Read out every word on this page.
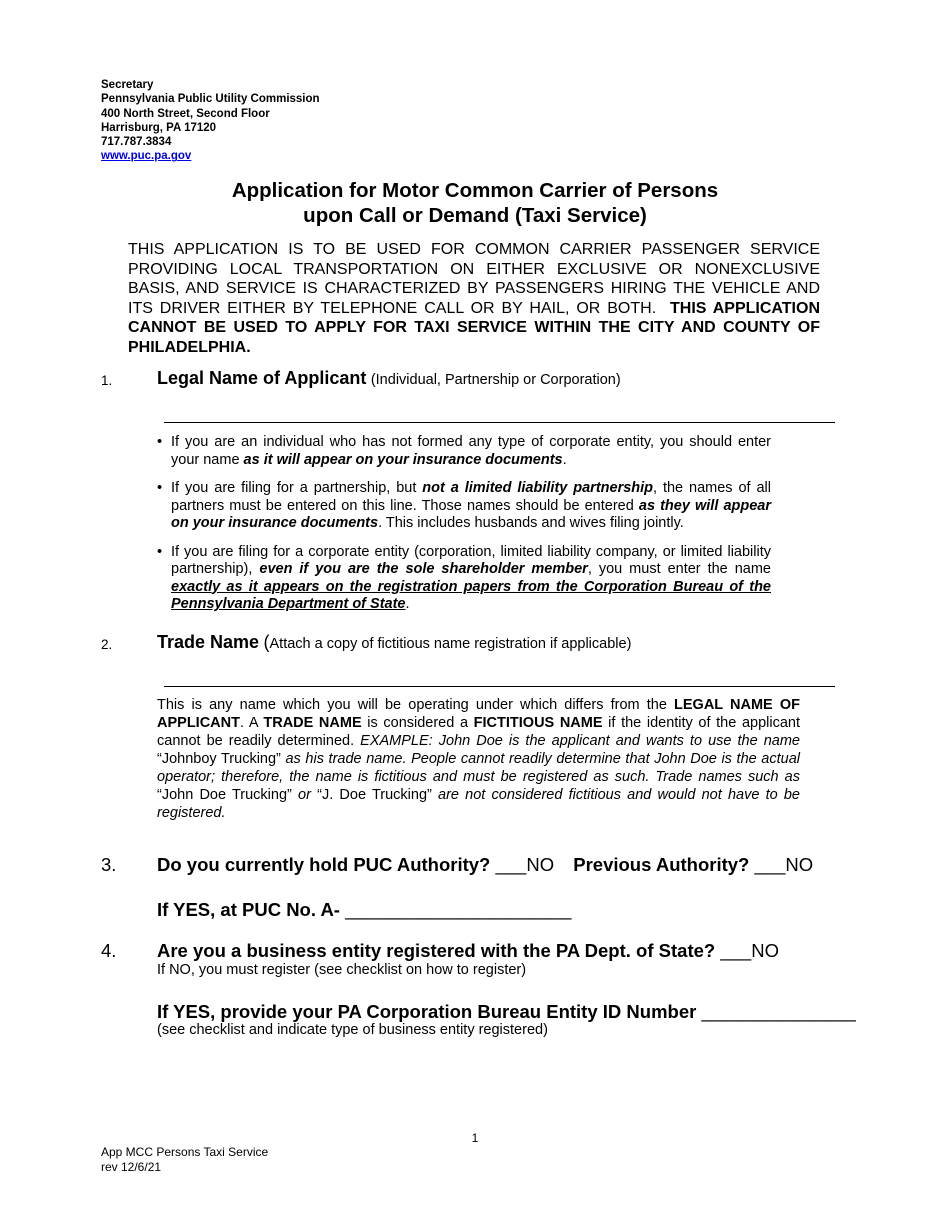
Secretary
Pennsylvania Public Utility Commission
400 North Street, Second Floor
Harrisburg, PA 17120
717.787.3834
www.puc.pa.gov
Application for Motor Common Carrier of Persons
upon Call or Demand (Taxi Service)
THIS APPLICATION IS TO BE USED FOR COMMON CARRIER PASSENGER SERVICE PROVIDING LOCAL TRANSPORTATION ON EITHER EXCLUSIVE OR NONEXCLUSIVE BASIS, AND SERVICE IS CHARACTERIZED BY PASSENGERS HIRING THE VEHICLE AND ITS DRIVER EITHER BY TELEPHONE CALL OR BY HAIL, OR BOTH. THIS APPLICATION CANNOT BE USED TO APPLY FOR TAXI SERVICE WITHIN THE CITY AND COUNTY OF PHILADELPHIA.
1. Legal Name of Applicant (Individual, Partnership or Corporation)
• If you are an individual who has not formed any type of corporate entity, you should enter your name as it will appear on your insurance documents.
• If you are filing for a partnership, but not a limited liability partnership, the names of all partners must be entered on this line. Those names should be entered as they will appear on your insurance documents. This includes husbands and wives filing jointly.
• If you are filing for a corporate entity (corporation, limited liability company, or limited liability partnership), even if you are the sole shareholder member, you must enter the name exactly as it appears on the registration papers from the Corporation Bureau of the Pennsylvania Department of State.
2. Trade Name (Attach a copy of fictitious name registration if applicable)
This is any name which you will be operating under which differs from the LEGAL NAME OF APPLICANT. A TRADE NAME is considered a FICTITIOUS NAME if the identity of the applicant cannot be readily determined. EXAMPLE: John Doe is the applicant and wants to use the name “Johnboy Trucking” as his trade name. People cannot readily determine that John Doe is the actual operator; therefore, the name is fictitious and must be registered as such. Trade names such as “John Doe Trucking” or “J. Doe Trucking” are not considered fictitious and would not have to be registered.
3. Do you currently hold PUC Authority? ___NO Previous Authority? ___NO
If YES, at PUC No. A- ______________________
4. Are you a business entity registered with the PA Dept. of State? ___NO
If NO, you must register (see checklist on how to register)
If YES, provide your PA Corporation Bureau Entity ID Number _______________
(see checklist and indicate type of business entity registered)
1
App MCC Persons Taxi Service
rev 12/6/21
